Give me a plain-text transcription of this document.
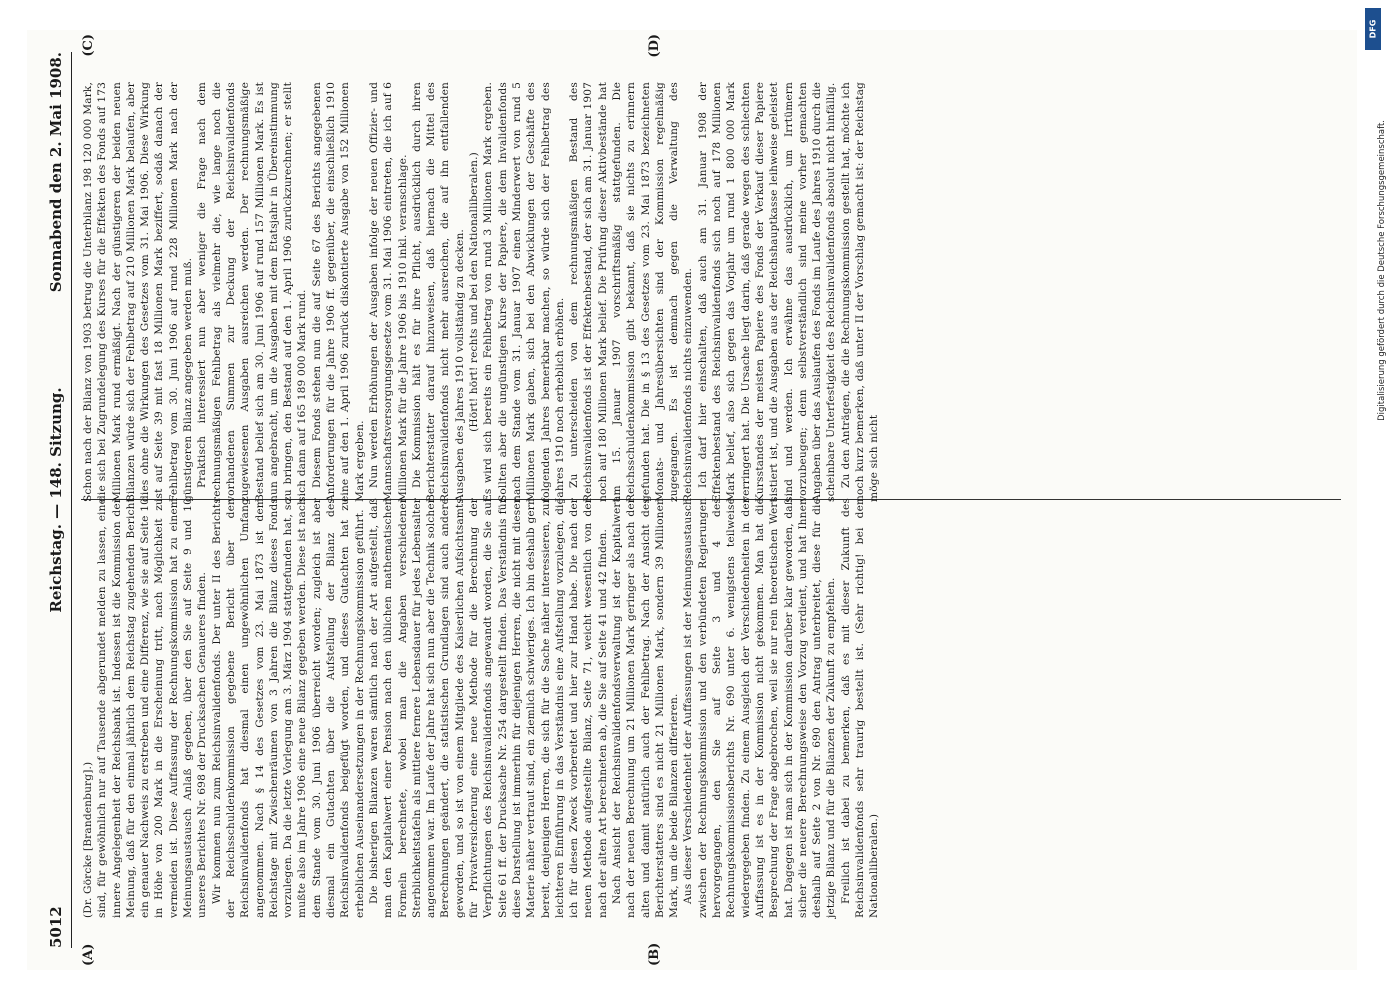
5012
Reichstag. — 148. Sitzung.
Sonnabend den 2. Mai 1908.
(A)	(B)
(C)	(D)

(Dr. Görcke [Brandenburg].) sind, für gewöhnlich nur auf Tausende abgerundet melden zu lassen, eine innere Angelegenheit der Reichsbank ist. Indessen ist die Kommission der Meinung, daß für den einmal jährlich dem Reichstag zugehenden Bericht ein genauer Nachweis zu erstreben und eine Differenz, wie sie auf Seite 10 in Höhe von 200 Mark in die Erscheinung tritt, nach Möglichkeit zu vermeiden ist. Diese Auffassung der Rechnungskommission hat zu einem Meinungsaustausch Anlaß gegeben, über den Sie auf Seite 9 und 10 unseres Berichtes Nr. 698 der Drucksachen Genaueres finden. Wir kommen nun zum Reichsinvalidenfonds. Der unter II des Berichts der Reichsschuldenkommission gegebene Bericht über den Reichsinvalidenfonds hat diesmal einen ungewöhnlichen Umfang angenommen. Nach § 14 des Gesetzes vom 23. Mai 1873 ist dem Reichstage mit Zwischenräumen von 3 Jahren die Bilanz dieses Fonds vorzulegen. Da die letzte Vorlegung am 3. März 1904 stattgefunden hat, so mußte also im Jahre 1906 eine neue Bilanz gegeben werden. Diese ist nach dem Stande vom 30. Juni 1906 überreicht worden; zugleich ist aber diesmal ein Gutachten über die Aufstellung der Bilanz des Reichsinvalidenfonds beigefügt worden, und dieses Gutachten hat zu erheblichen Auseinandersetzungen in der Rechnungskommission geführt. Die bisherigen Bilanzen waren sämtlich nach der Art aufgestellt, daß man den Kapitalwert einer Pension nach den üblichen mathematischen Formeln berechnete, wobei man die Angaben verschiedener Sterblichkeitstafeln als mittlere fernere Lebensdauer für jedes Lebensalter angenommen war. Im Laufe der Jahre hat sich nun aber die Technik solcher Berechnungen geändert, die statistischen Grundlagen sind auch andere geworden, und so ist von einem Mitgliede des Kaiserlichen Aufsichtsamts für Privatversicherung eine neue Methode für die Berechnung der Verpflichtungen des Reichsinvalidenfonds angewandt worden, die Sie auf Seite 61 ff. der Drucksache Nr. 254 dargestellt finden. Das Verständnis für diese Darstellung ist immerhin für diejenigen Herren, die nicht mit dieser Materie näher vertraut sind, ein ziemlich schwieriges. Ich bin deshalb gern bereit, denjenigen Herren, die sich für die Sache näher interessieren, zur leichteren Einführung in das Verständnis eine Aufstellung vorzulegen, die ich für diesen Zweck vorbereitet und hier zur Hand habe. Die nach der neuen Methode aufgestellte Bilanz, Seite 71, weicht wesentlich von der nach der alten Art berechneten ab, die Sie auf Seite 41 und 42 finden. Nach Ansicht der Reichsinvalidenfondsverwaltung ist der Kapitalwert nach der neuen Berechnung um 21 Millionen Mark geringer als nach der alten und damit natürlich auch der Fehlbetrag. Nach der Ansicht des Berichterstatters sind es nicht 21 Millionen Mark, sondern 39 Millionen Mark, um die beide Bilanzen differieren. Aus dieser Verschiedenheit der Auffassungen ist der Meinungsaustausch zwischen der Rechnungskommission und den verbündeten Regierungen hervorgegangen, den Sie auf Seite 3 und 4 des Rechnungskommissionsberichts Nr. 690 unter 6. wenigstens teilweise wiedergegeben finden. Zu einem Ausgleich der Verschiedenheiten in der Auffassung ist es in der Kommission nicht gekommen. Man hat die Besprechung der Frage abgebrochen, weil sie nur rein theoretischen Wert hat. Dagegen ist man sich in der Kommission darüber klar geworden, daß sicher die neuere Berechnungsweise den Vorzug verdient, und hat Ihnen deshalb auf Seite 2 von Nr. 690 den Antrag unterbreitet, diese für die jetzige Bilanz und für die Bilanzen der Zukunft zu empfehlen. Freilich ist dabei zu bemerken, daß es mit dieser Zukunft des Reichsinvalidenfonds sehr traurig bestellt ist. (Sehr richtig! bei den Nationalliberalen.)

Schon nach der Bilanz von 1903 betrug die Unterbilanz 198 120 000 Mark, die sich bei Zugrundelegung des Kurses für die Effekten des Fonds auf 173 Millionen Mark rund ermäßigt. Nach der günstigeren der beiden neuen Bilanzen würde sich der Fehlbetrag auf 210 Millionen Mark belaufen, aber dies ohne die Wirkungen des Gesetzes vom 31. Mai 1906. Diese Wirkung ist auf Seite 39 mit fast 18 Millionen Mark beziffert, sodaß danach der Fehlbetrag vom 30. Juni 1906 auf rund 228 Millionen Mark nach der günstigeren Bilanz angegeben werden muß. Praktisch interessiert nun aber weniger die Frage nach dem rechnungsmäßigen Fehlbetrag als vielmehr die, wie lange noch die vorhandenen Summen zur Deckung der Reichsinvalidenfonds zugewiesenen Ausgaben ausreichen werden. Der rechnungsmäßige Bestand belief sich am 30. Juni 1906 auf rund 157 Millionen Mark. Es ist nun angebracht, um die Ausgaben mit dem Etatsjahr in Übereinstimmung zu bringen, den Bestand auf den 1. April 1906 zurückzurechnen; er stellt sich dann auf 165 189 000 Mark rund. Diesem Fonds stehen nun die auf Seite 67 des Berichts angegebenen Anforderungen für die Jahre 1906 ff. gegenüber, die einschließlich 1910 eine auf den 1. April 1906 zurück diskontierte Ausgabe von 152 Millionen Mark ergeben. Nun werden Erhöhungen der Ausgaben infolge der neuen Offizier- und Mannschaftsversorgungsgesetze vom 31. Mai 1906 eintreten, die ich auf 6 Millionen Mark für die Jahre 1906 bis 1910 inkl. veranschlage. Die Kommission hält es für ihre Pflicht, ausdrücklich durch ihren Berichterstatter darauf hinzuweisen, daß hiernach die Mittel des Reichsinvalidenfonds nicht mehr ausreichen, die auf ihn entfallenden Ausgaben des Jahres 1910 vollständig zu decken. (Hört! hört! rechts und bei den Nationalliberalen.) Es wird sich bereits ein Fehlbetrag von rund 3 Millionen Mark ergeben. Sollten aber die ungünstigen Kurse der Papiere, die dem Invalidenfonds nach dem Stande vom 31. Januar 1907 einen Minderwert von rund 5 Millionen Mark gaben, sich bei den Abwicklungen der Geschäfte des folgenden Jahres bemerkbar machen, so würde sich der Fehlbetrag des Jahres 1910 noch erheblich erhöhen. Zu unterscheiden von dem rechnungsmäßigen Bestand des Reichsinvalidenfonds ist der Effektenbestand, der sich am 31. Januar 1907 noch auf 180 Millionen Mark belief. Die Prüfung dieser Aktivbestände hat am 15. Januar 1907 vorschriftsmäßig stattgefunden. Die Reichsschuldenkommission gibt bekannt, daß sie nichts zu erinnern gefunden hat. Die in § 13 des Gesetzes vom 23. Mai 1873 bezeichneten Monats- und Jahresübersichten sind der Kommission regelmäßig zugegangen. Es ist demnach gegen die Verwaltung des Reichsinvalidenfonds nichts einzuwenden. Ich darf hier einschalten, daß auch am 31. Januar 1908 der Effektenbestand des Reichsinvalidenfonds sich noch auf 178 Millionen Mark belief, also sich gegen das Vorjahr um rund 1 800 000 Mark verringert hat. Die Ursache liegt darin, daß gerade wegen des schlechten Kursstandes der meisten Papiere des Fonds der Verkauf dieser Papiere sistiert ist, und die Ausgaben aus der Reichshauptkasse leihweise geleistet sind und werden. Ich erwähne das ausdrücklich, um Irrtümern vorzubeugen; denn selbstverständlich sind meine vorher gemachten Angaben über das Auslaufen des Fonds im Laufe des Jahres 1910 durch die scheinbare Unterfestigkeit des Reichsinvalidenfonds absolut nicht hinfällig. Zu den Anträgen, die die Rechnungskommission gestellt hat, möchte ich noch kurz bemerken, daß unter II der Vorschlag gemacht ist: der Reichstag möge sich nicht

DFG
Digitalisierung gefördert durch die Deutsche Forschungsgemeinschaft.
